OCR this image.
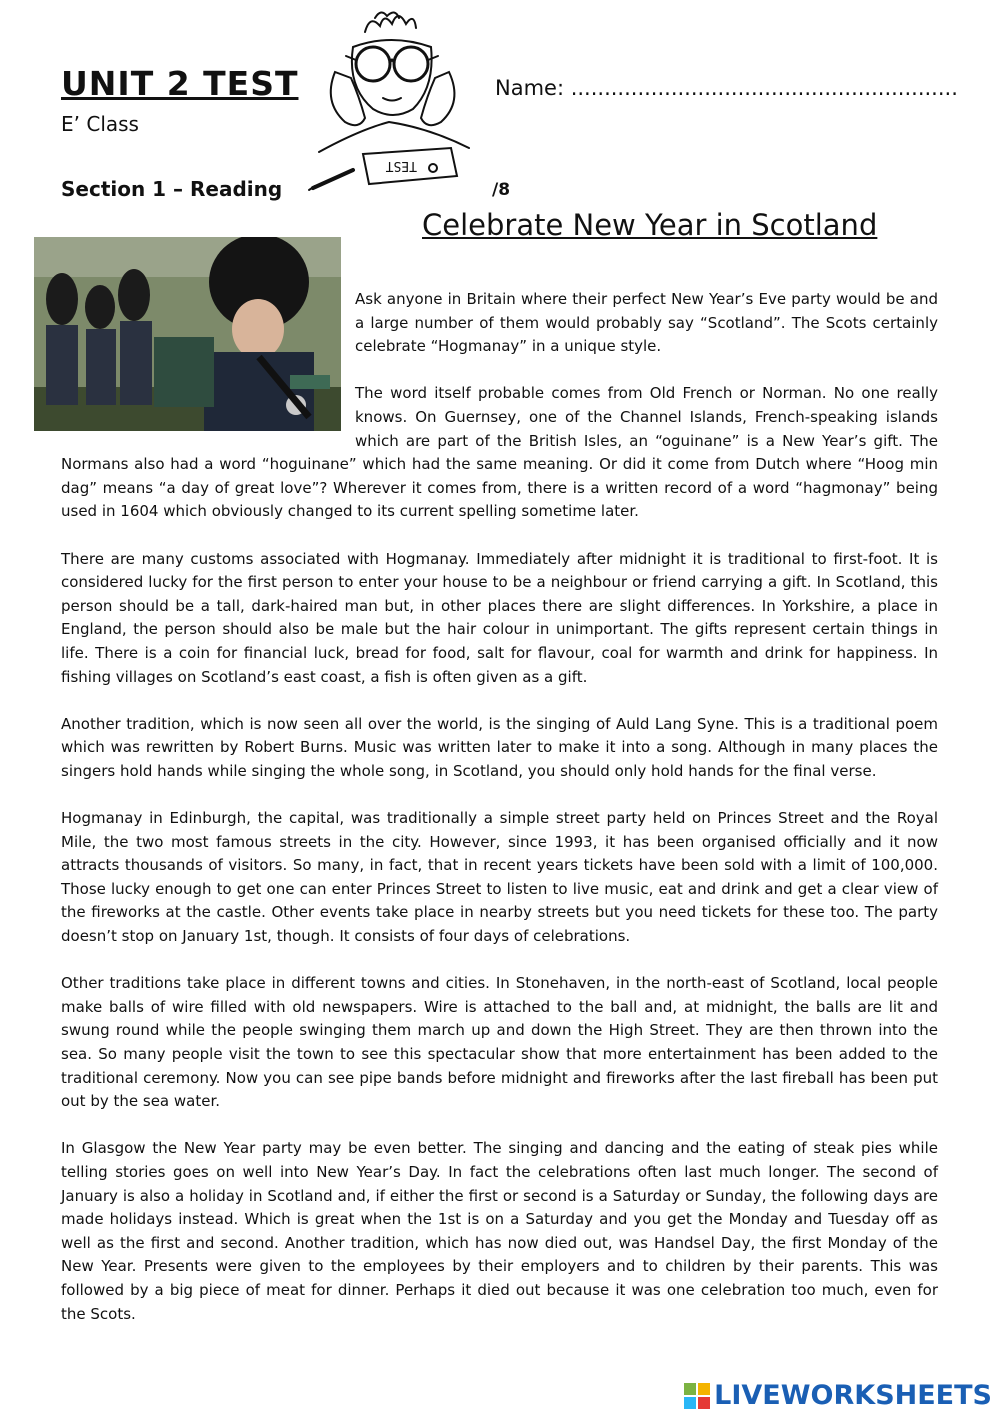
UNIT 2 TEST
E’ Class
Name: ..........................................................
Section 1 – Reading	/8
TEST
Celebrate New Year in Scotland

Ask anyone in Britain where their perfect New Year’s Eve party would be and a large number of them would probably say “Scotland”. The Scots certainly celebrate “Hogmanay” in a unique style.

The word itself probable comes from Old French or Norman. No one really knows. On Guernsey, one of the Channel Islands, French-speaking islands which are part of the British Isles, an “oguinane” is a New Year’s gift. The Normans also had a word “hoguinane” which had the same meaning. Or did it come from Dutch where “Hoog min dag” means “a day of great love”? Wherever it comes from, there is a written record of a word “hagmonay” being used in 1604 which obviously changed to its current spelling sometime later.

There are many customs associated with Hogmanay. Immediately after midnight it is traditional to first-foot. It is considered lucky for the first person to enter your house to be a neighbour or friend carrying a gift. In Scotland, this person should be a tall, dark-haired man but, in other places there are slight differences. In Yorkshire, a place in England, the person should also be male but the hair colour in unimportant. The gifts represent certain things in life. There is a coin for financial luck, bread for food, salt for flavour, coal for warmth and drink for happiness. In fishing villages on Scotland’s east coast, a fish is often given as a gift.

Another tradition, which is now seen all over the world, is the singing of Auld Lang Syne. This is a traditional poem which was rewritten by Robert Burns. Music was written later to make it into a song. Although in many places the singers hold hands while singing the whole song, in Scotland, you should only hold hands for the final verse.

Hogmanay in Edinburgh, the capital, was traditionally a simple street party held on Princes Street and the Royal Mile, the two most famous streets in the city. However, since 1993, it has been organised officially and it now attracts thousands of visitors. So many, in fact, that in recent years tickets have been sold with a limit of 100,000. Those lucky enough to get one can enter Princes Street to listen to live music, eat and drink and get a clear view of the fireworks at the castle. Other events take place in nearby streets but you need tickets for these too. The party doesn’t stop on January 1st, though. It consists of four days of celebrations.

Other traditions take place in different towns and cities. In Stonehaven, in the north-east of Scotland, local people make balls of wire filled with old newspapers. Wire is attached to the ball and, at midnight, the balls are lit and swung round while the people swinging them march up and down the High Street. They are then thrown into the sea. So many people visit the town to see this spectacular show that more entertainment has been added to the traditional ceremony. Now you can see pipe bands before midnight and fireworks after the last fireball has been put out by the sea water.

In Glasgow the New Year party may be even better. The singing and dancing and the eating of steak pies while telling stories goes on well into New Year’s Day. In fact the celebrations often last much longer. The second of January is also a holiday in Scotland and, if either the first or second is a Saturday or Sunday, the following days are made holidays instead. Which is great when the 1st is on a Saturday and you get the Monday and Tuesday off as well as the first and second. Another tradition, which has now died out, was Handsel Day, the first Monday of the New Year. Presents were given to the employees by their employers and to children by their parents. This was followed by a big piece of meat for dinner. Perhaps it died out because it was one celebration too much, even for the Scots.

LIVEWORKSHEETS
